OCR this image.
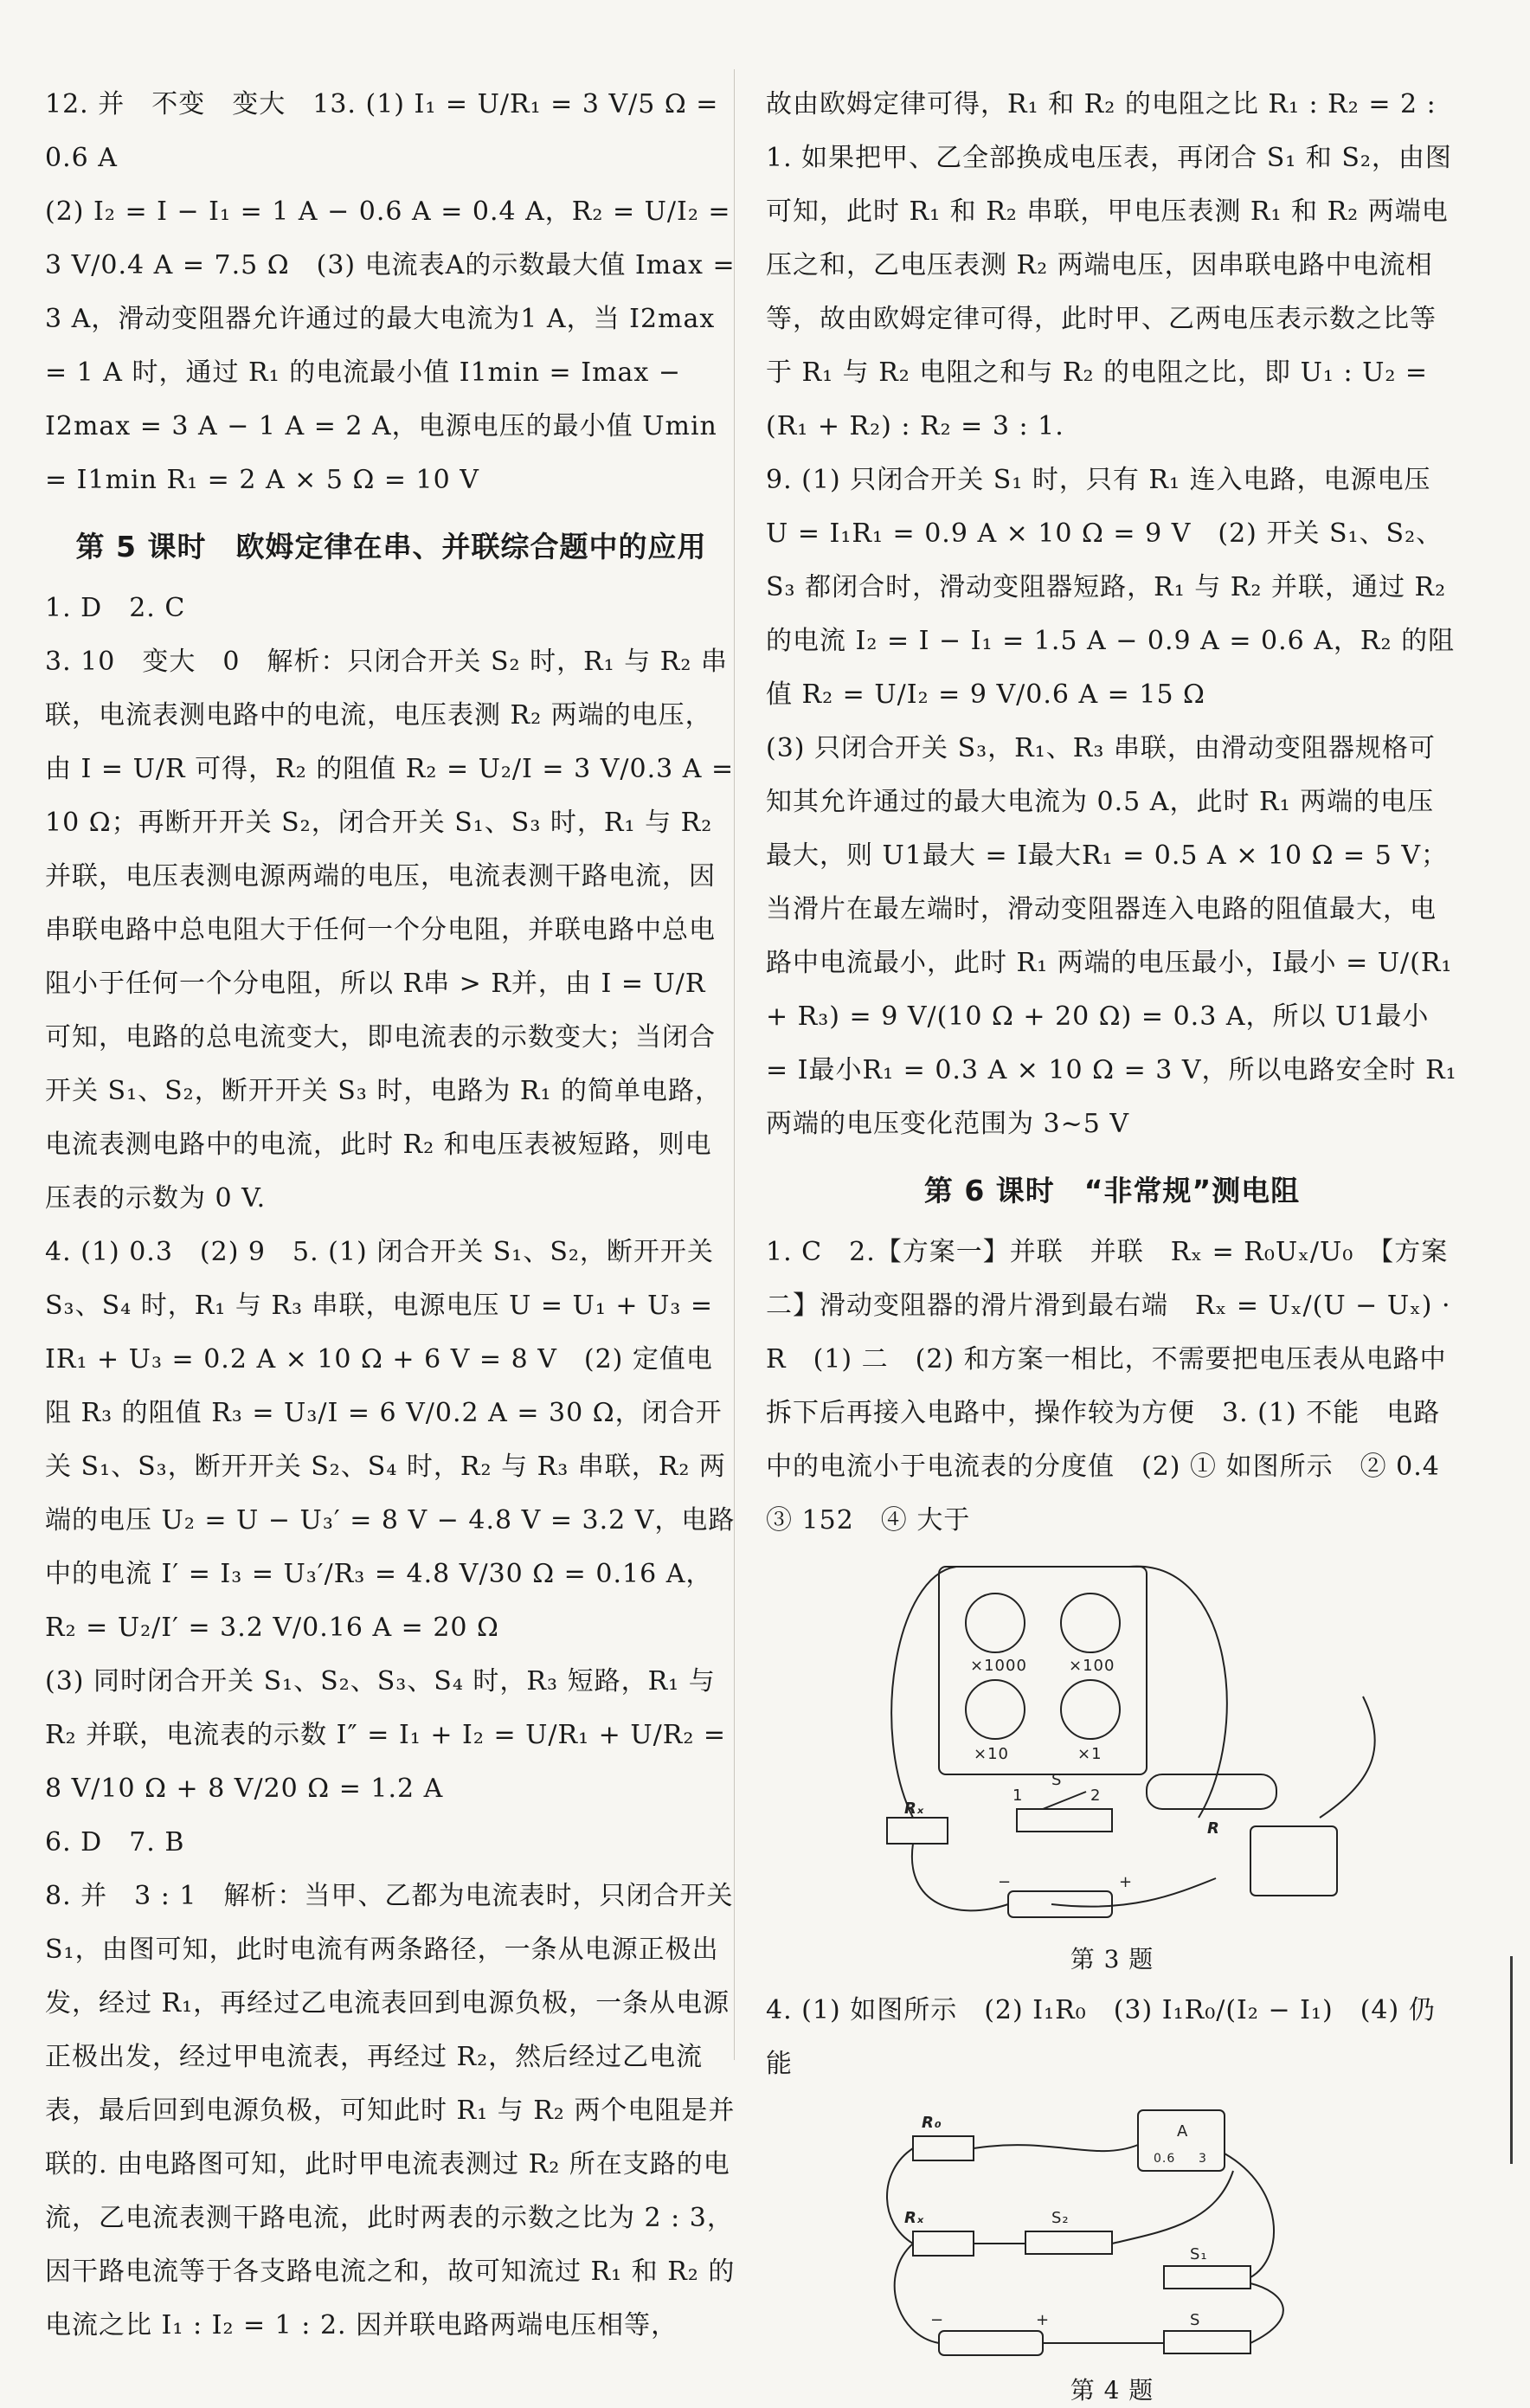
12. 并　不变　变大　13. (1) I₁ = U/R₁ = 3 V/5 Ω = 0.6 A

(2) I₂ = I − I₁ = 1 A − 0.6 A = 0.4 A，R₂ = U/I₂ = 3 V/0.4 A = 7.5 Ω　(3) 电流表A的示数最大值 Imax = 3 A，滑动变阻器允许通过的最大电流为1 A，当 I2max = 1 A 时，通过 R₁ 的电流最小值 I1min = Imax − I2max = 3 A − 1 A = 2 A，电源电压的最小值 Umin = I1min R₁ = 2 A × 5 Ω = 10 V

第 5 课时　欧姆定律在串、并联综合题中的应用

1. D　2. C

3. 10　变大　0　解析：只闭合开关 S₂ 时，R₁ 与 R₂ 串联，电流表测电路中的电流，电压表测 R₂ 两端的电压，由 I = U/R 可得，R₂ 的阻值 R₂ = U₂/I = 3 V/0.3 A = 10 Ω；再断开开关 S₂，闭合开关 S₁、S₃ 时，R₁ 与 R₂ 并联，电压表测电源两端的电压，电流表测干路电流，因串联电路中总电阻大于任何一个分电阻，并联电路中总电阻小于任何一个分电阻，所以 R串 > R并，由 I = U/R 可知，电路的总电流变大，即电流表的示数变大；当闭合开关 S₁、S₂，断开开关 S₃ 时，电路为 R₁ 的简单电路，电流表测电路中的电流，此时 R₂ 和电压表被短路，则电压表的示数为 0 V.

4. (1) 0.3　(2) 9　5. (1) 闭合开关 S₁、S₂，断开开关 S₃、S₄ 时，R₁ 与 R₃ 串联，电源电压 U = U₁ + U₃ = IR₁ + U₃ = 0.2 A × 10 Ω + 6 V = 8 V　(2) 定值电阻 R₃ 的阻值 R₃ = U₃/I = 6 V/0.2 A = 30 Ω，闭合开关 S₁、S₃，断开开关 S₂、S₄ 时，R₂ 与 R₃ 串联，R₂ 两端的电压 U₂ = U − U₃′ = 8 V − 4.8 V = 3.2 V，电路中的电流 I′ = I₃ = U₃′/R₃ = 4.8 V/30 Ω = 0.16 A，R₂ = U₂/I′ = 3.2 V/0.16 A = 20 Ω

(3) 同时闭合开关 S₁、S₂、S₃、S₄ 时，R₃ 短路，R₁ 与 R₂ 并联，电流表的示数 I″ = I₁ + I₂ = U/R₁ + U/R₂ = 8 V/10 Ω + 8 V/20 Ω = 1.2 A

6. D　7. B

8. 并　3 : 1　解析：当甲、乙都为电流表时，只闭合开关 S₁，由图可知，此时电流有两条路径，一条从电源正极出发，经过 R₁，再经过乙电流表回到电源负极，一条从电源正极出发，经过甲电流表，再经过 R₂，然后经过乙电流表，最后回到电源负极，可知此时 R₁ 与 R₂ 两个电阻是并联的. 由电路图可知，此时甲电流表测过 R₂ 所在支路的电流，乙电流表测干路电流，此时两表的示数之比为 2 : 3，因干路电流等于各支路电流之和，故可知流过 R₁ 和 R₂ 的电流之比 I₁ : I₂ = 1 : 2. 因并联电路两端电压相等，

故由欧姆定律可得，R₁ 和 R₂ 的电阻之比 R₁ : R₂ = 2 : 1. 如果把甲、乙全部换成电压表，再闭合 S₁ 和 S₂，由图可知，此时 R₁ 和 R₂ 串联，甲电压表测 R₁ 和 R₂ 两端电压之和，乙电压表测 R₂ 两端电压，因串联电路中电流相等，故由欧姆定律可得，此时甲、乙两电压表示数之比等于 R₁ 与 R₂ 电阻之和与 R₂ 的电阻之比，即 U₁ : U₂ = (R₁ + R₂) : R₂ = 3 : 1.

9. (1) 只闭合开关 S₁ 时，只有 R₁ 连入电路，电源电压 U = I₁R₁ = 0.9 A × 10 Ω = 9 V　(2) 开关 S₁、S₂、S₃ 都闭合时，滑动变阻器短路，R₁ 与 R₂ 并联，通过 R₂ 的电流 I₂ = I − I₁ = 1.5 A − 0.9 A = 0.6 A，R₂ 的阻值 R₂ = U/I₂ = 9 V/0.6 A = 15 Ω

(3) 只闭合开关 S₃，R₁、R₃ 串联，由滑动变阻器规格可知其允许通过的最大电流为 0.5 A，此时 R₁ 两端的电压最大，则 U1最大 = I最大R₁ = 0.5 A × 10 Ω = 5 V；当滑片在最左端时，滑动变阻器连入电路的阻值最大，电路中电流最小，此时 R₁ 两端的电压最小，I最小 = U/(R₁ + R₃) = 9 V/(10 Ω + 20 Ω) = 0.3 A，所以 U1最小 = I最小R₁ = 0.3 A × 10 Ω = 3 V，所以电路安全时 R₁ 两端的电压变化范围为 3~5 V

第 6 课时　“非常规”测电阻

1. C　2.【方案一】并联　并联　Rₓ = R₀Uₓ/U₀　【方案二】滑动变阻器的滑片滑到最右端　Rₓ = Uₓ/(U − Uₓ) · R　(1) 二　(2) 和方案一相比，不需要把电压表从电路中拆下后再接入电路中，操作较为方便　3. (1) 不能　电路中的电流小于电流表的分度值　(2) ① 如图所示　② 0.4　③ 152　④ 大于

×1000	×100
×10	×1
Rₓ
1
S
2
R
−	+
第 3 题

4. (1) 如图所示　(2) I₁R₀　(3) I₁R₀/(I₂ − I₁)　(4) 仍能

R₀
Rₓ	S₂
S₁
S
−	+
A
0.6 3
第 4 题
